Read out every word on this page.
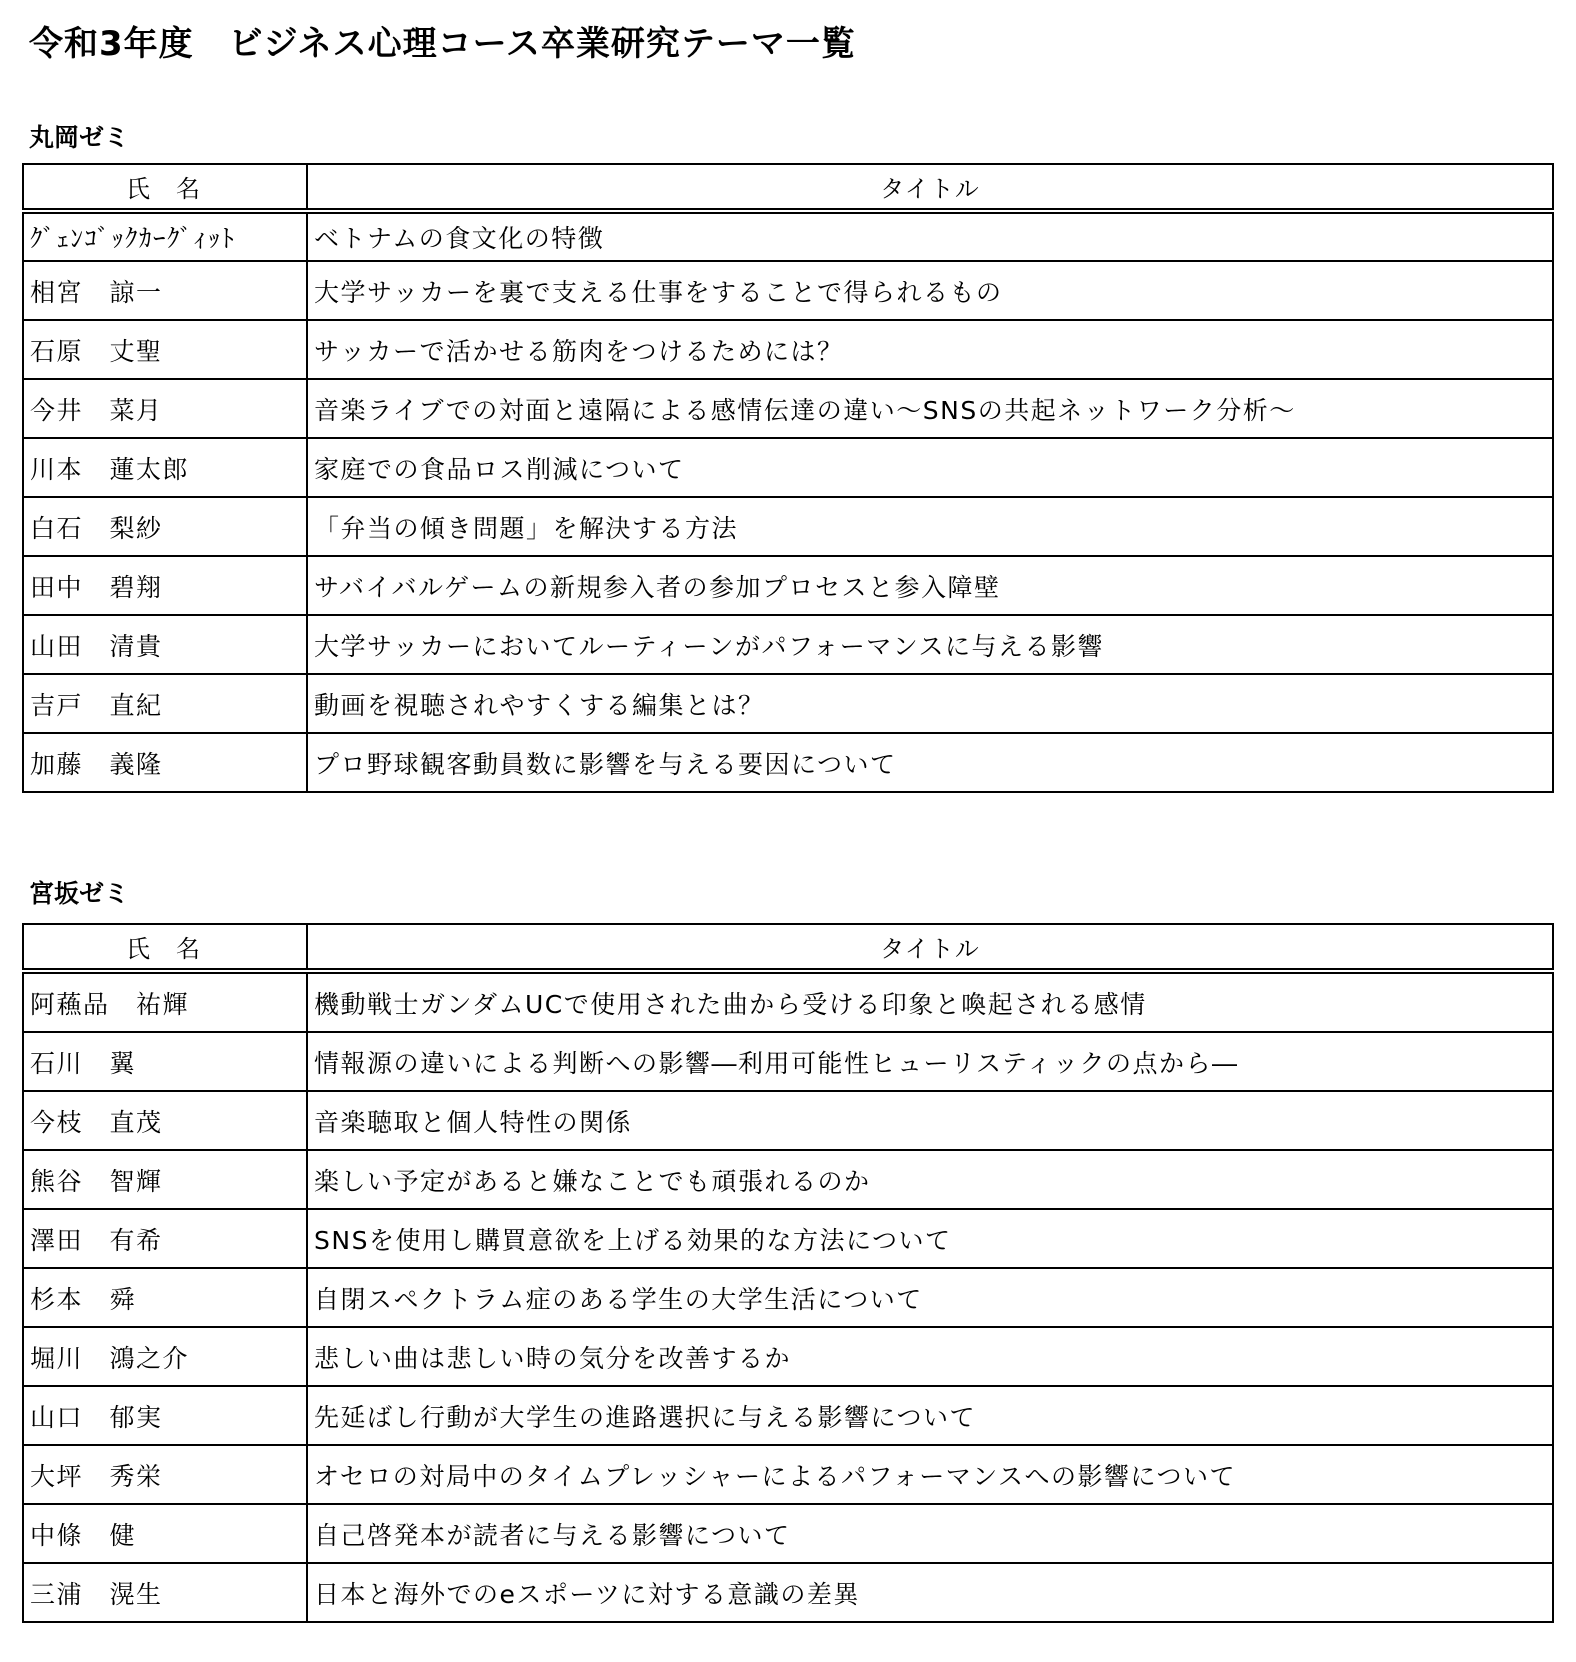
令和3年度　ビジネス心理コース卒業研究テーマ一覧
丸岡ゼミ
氏　名	タイトル
ｸﾞｪﾝｺﾞｯｸｶｰｸﾞｨｯﾄ	ベトナムの食文化の特徴
相宮　諒一	大学サッカーを裏で支える仕事をすることで得られるもの
石原　丈聖	サッカーで活かせる筋肉をつけるためには？
今井　菜月	音楽ライブでの対面と遠隔による感情伝達の違い～SNSの共起ネットワーク分析～
川本　蓮太郎	家庭での食品ロス削減について
白石　梨紗	「弁当の傾き問題」を解決する方法
田中　碧翔	サバイバルゲームの新規参入者の参加プロセスと参入障壁
山田　清貴	大学サッカーにおいてルーティーンがパフォーマンスに与える影響
吉戸　直紀	動画を視聴されやすくする編集とは？
加藤　義隆	プロ野球観客動員数に影響を与える要因について
宮坂ゼミ
氏　名	タイトル
阿蘓品　祐輝	機動戦士ガンダムUCで使用された曲から受ける印象と喚起される感情
石川　翼	情報源の違いによる判断への影響―利用可能性ヒューリスティックの点から―
今枝　直茂	音楽聴取と個人特性の関係
熊谷　智輝	楽しい予定があると嫌なことでも頑張れるのか
澤田　有希	SNSを使用し購買意欲を上げる効果的な方法について
杉本　舜	自閉スペクトラム症のある学生の大学生活について
堀川　鴻之介	悲しい曲は悲しい時の気分を改善するか
山口　郁実	先延ばし行動が大学生の進路選択に与える影響について
大坪　秀栄	オセロの対局中のタイムプレッシャーによるパフォーマンスへの影響について
中條　健	自己啓発本が読者に与える影響について
三浦　滉生	日本と海外でのeスポーツに対する意識の差異
